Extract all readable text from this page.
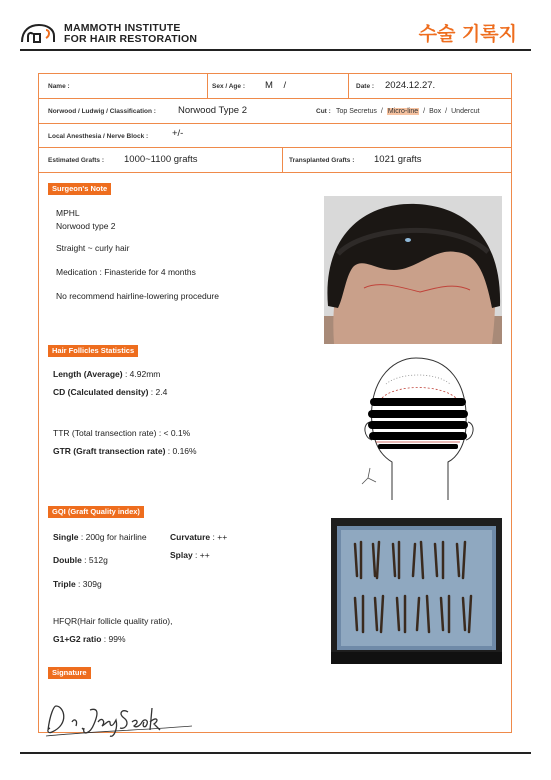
MAMMOTH INSTITUTE
FOR HAIR RESTORATION	수술 기록지
Name :	Sex / Age : M    /	Date : 2024.12.27.
Norwood / Ludwig / Classification : Norwood Type 2	Cut : Top Secretus / Micro-line / Box / Undercut
Local Anesthesia / Nerve Block :	+/-
Estimated Grafts : 1000~1100 grafts	Transplanted Grafts : 1021 grafts
Surgeon's Note
MPHL
Norwood type 2
Straight ~ curly hair
Medication : Finasteride for 4 months
No recommend hairline-lowering procedure
Hair Follicles Statistics
Length (Average) : 4.92mm
CD (Calculated density) : 2.4
TTR (Total transection rate) : < 0.1%
GTR (Graft transection rate) : 0.16%
GQI (Graft Quality index)
Single : 200g for hairline	Curvature : ++
Splay : ++
Double : 512g
Triple : 309g
HFQR(Hair follicle quality ratio),
G1+G2 ratio : 99%
Signature
